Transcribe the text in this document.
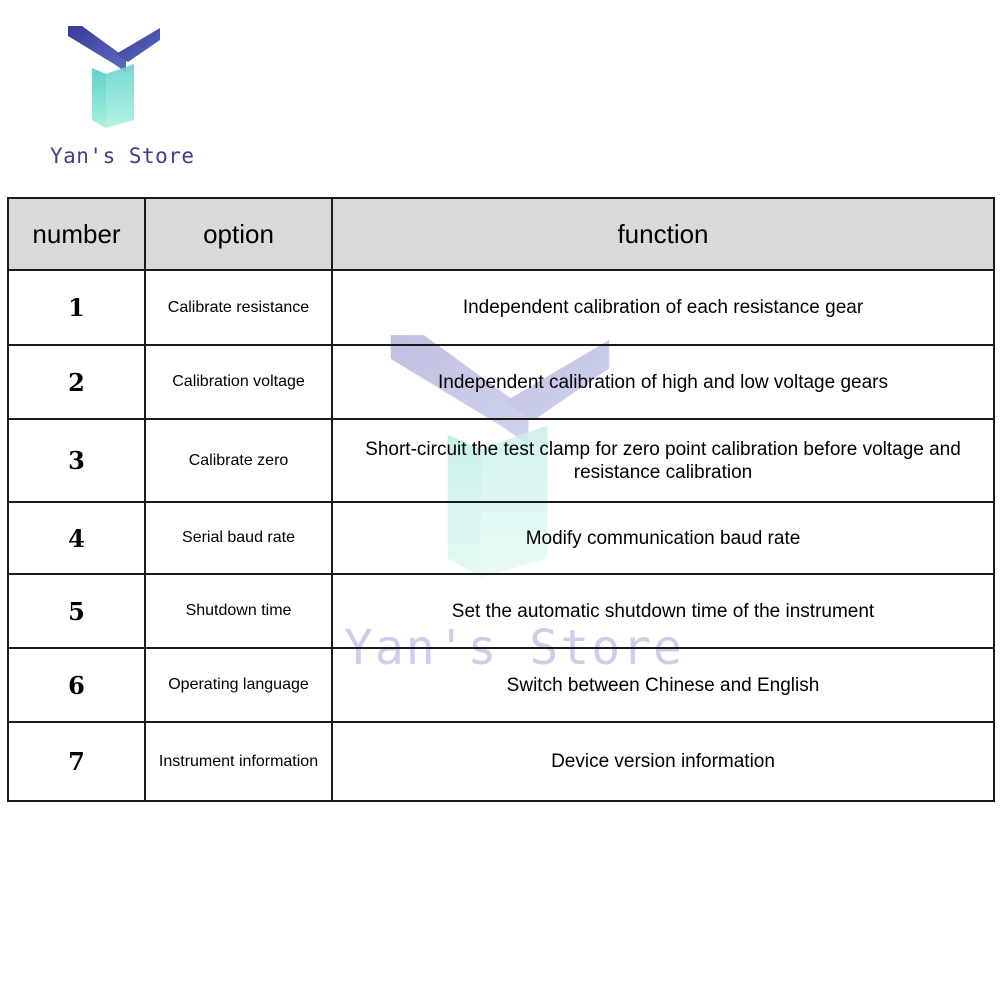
Yan's Store
Yan's Store
number	option	function
1	Calibrate resistance	Independent calibration of each resistance gear
2	Calibration voltage	Independent calibration of high and low voltage gears
3	Calibrate zero	Short-circuit the test clamp for zero point calibration before voltage and resistance calibration
4	Serial baud rate	Modify communication baud rate
5	Shutdown time	Set the automatic shutdown time of the instrument
6	Operating language	Switch between Chinese and English
7	Instrument information	Device version information
